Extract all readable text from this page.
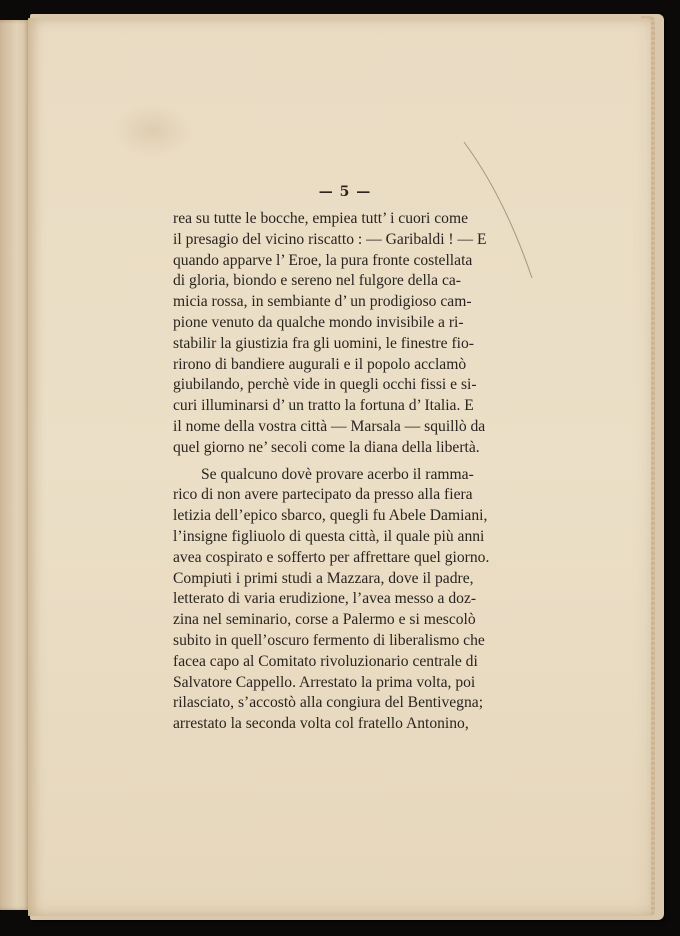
— 5 —
rea su tutte le bocche, empiea tutt’ i cuori come
il presagio del vicino riscatto : — Garibaldi ! — E
quando apparve l’ Eroe, la pura fronte costellata
di gloria, biondo e sereno nel fulgore della ca-
micia rossa, in sembiante d’ un prodigioso cam-
pione venuto da qualche mondo invisibile a ri-
stabilir la giustizia fra gli uomini, le finestre fio-
rirono di bandiere augurali e il popolo acclamò
giubilando, perchè vide in quegli occhi fissi e si-
curi illuminarsi d’ un tratto la fortuna d’ Italia. E
il nome della vostra città — Marsala — squillò da
quel giorno ne’ secoli come la diana della libertà.
Se qualcuno dovè provare acerbo il rammа-
rico di non avere partecipato da presso alla fiera
letizia dell’epico sbarco, quegli fu Abele Damiani,
l’insigne figliuolo di questa città, il quale più anni
avea cospirato e sofferto per affrettare quel giorno.
Compiuti i primi studi a Mazzara, dove il padre,
letterato di varia erudizione, l’avea messo a doz-
zina nel seminario, corse a Palermo e si mescolò
subito in quell’oscuro fermento di liberalismo che
facea capo al Comitato rivoluzionario centrale di
Salvatore Cappello. Arrestato la prima volta, poi
rilasciato, s’accostò alla congiura del Bentivegna;
arrestato la seconda volta col fratello Antonino,
